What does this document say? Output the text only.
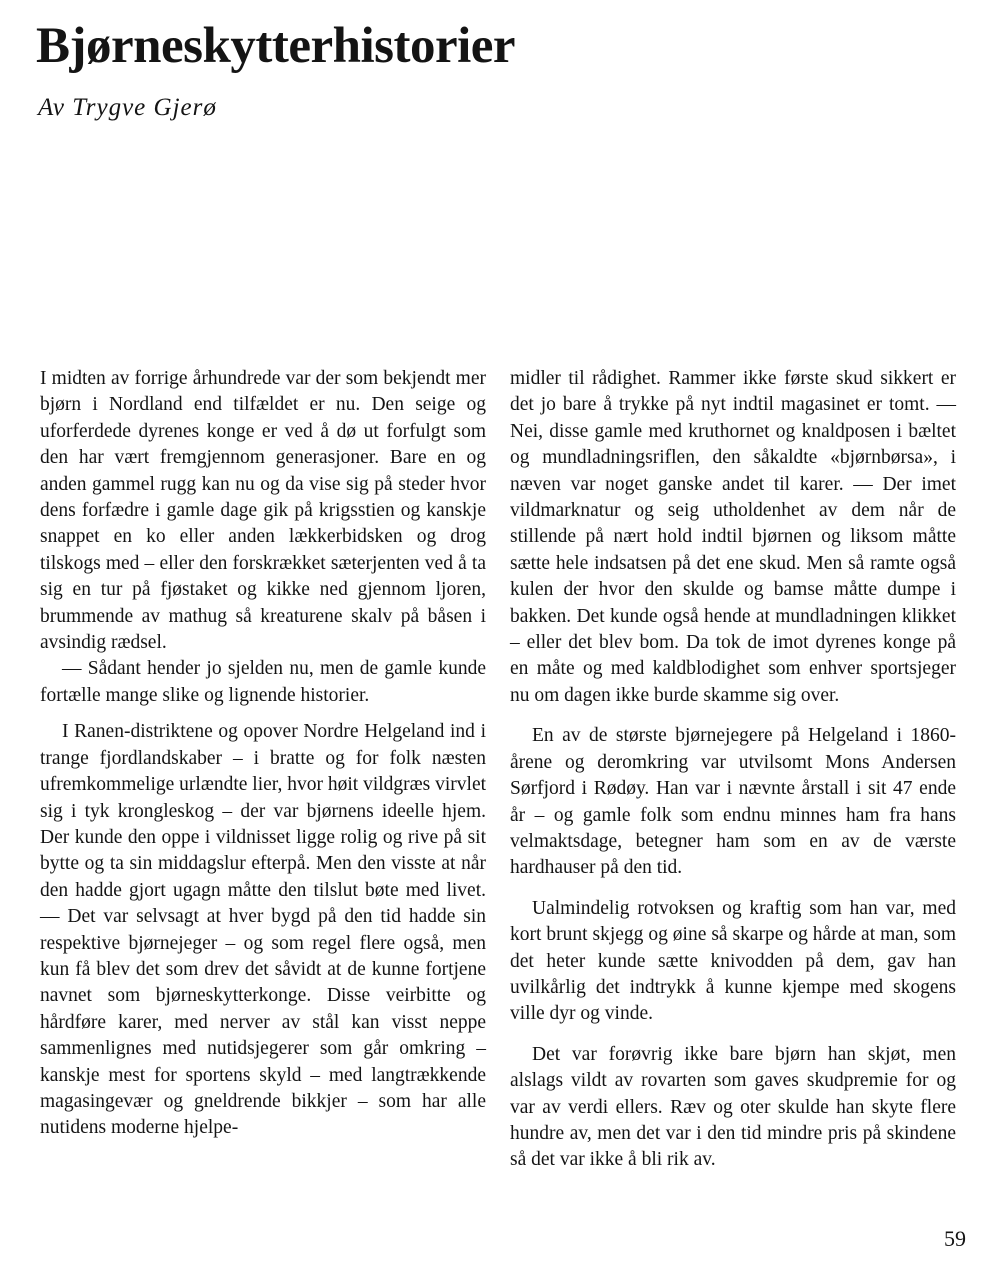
Bjørneskytterhistorier

Av Trygve Gjerø

I midten av forrige århundrede var der som bekjendt mer bjørn i Nordland end tilfældet er nu. Den seige og uforferdede dyrenes konge er ved å dø ut forfulgt som den har vært fremgjennom generasjoner. Bare en og anden gammel rugg kan nu og da vise sig på steder hvor dens forfædre i gamle dage gik på krigsstien og kanskje snappet en ko eller anden lækkerbidsken og drog tilskogs med – eller den forskrækket sæterjenten ved å ta sig en tur på fjøstaket og kikke ned gjennom ljoren, brummende av mathug så kreaturene skalv på båsen i avsindig rædsel.

— Sådant hender jo sjelden nu, men de gamle kunde fortælle mange slike og lignende historier.

I Ranen-distriktene og opover Nordre Helgeland ind i trange fjordlandskaber – i bratte og for folk næsten ufremkommelige urlændte lier, hvor høit vildgræs virvlet sig i tyk krongleskog – der var bjørnens ideelle hjem. Der kunde den oppe i vildnisset ligge rolig og rive på sit bytte og ta sin middagslur efterpå. Men den visste at når den hadde gjort ugagn måtte den tilslut bøte med livet. — Det var selvsagt at hver bygd på den tid hadde sin respektive bjørnejeger – og som regel flere også, men kun få blev det som drev det såvidt at de kunne fortjene navnet som bjørneskytterkonge. Disse veirbitte og hårdføre karer, med nerver av stål kan visst neppe sammenlignes med nutidsjegerer som går omkring – kanskje mest for sportens skyld – med langtrækkende magasingevær og gneldrende bikkjer – som har alle nutidens moderne hjelpe-

midler til rådighet. Rammer ikke første skud sikkert er det jo bare å trykke på nyt indtil magasinet er tomt. — Nei, disse gamle med kruthornet og knaldposen i bæltet og mundladningsriflen, den såkaldte «bjørnbørsa», i næven var noget ganske andet til karer. — Der imet vildmarknatur og seig utholdenhet av dem når de stillende på nært hold indtil bjørnen og liksom måtte sætte hele indsatsen på det ene skud. Men så ramte også kulen der hvor den skulde og bamse måtte dumpe i bakken. Det kunde også hende at mundladningen klikket – eller det blev bom. Da tok de imot dyrenes konge på en måte og med kaldblodighet som enhver sportsjeger nu om dagen ikke burde skamme sig over.

En av de største bjørnejegere på Helgeland i 1860-årene og deromkring var utvilsomt Mons Andersen Sørfjord i Rødøy. Han var i nævnte årstall i sit 47 ende år – og gamle folk som endnu minnes ham fra hans velmaktsdage, betegner ham som en av de værste hardhauser på den tid.

Ualmindelig rotvoksen og kraftig som han var, med kort brunt skjegg og øine så skarpe og hårde at man, som det heter kunde sætte knivodden på dem, gav han uvilkårlig det indtrykk å kunne kjempe med skogens ville dyr og vinde.

Det var forøvrig ikke bare bjørn han skjøt, men alslags vildt av rovarten som gaves skudpremie for og var av verdi ellers. Ræv og oter skulde han skyte flere hundre av, men det var i den tid mindre pris på skindene så det var ikke å bli rik av.

59
